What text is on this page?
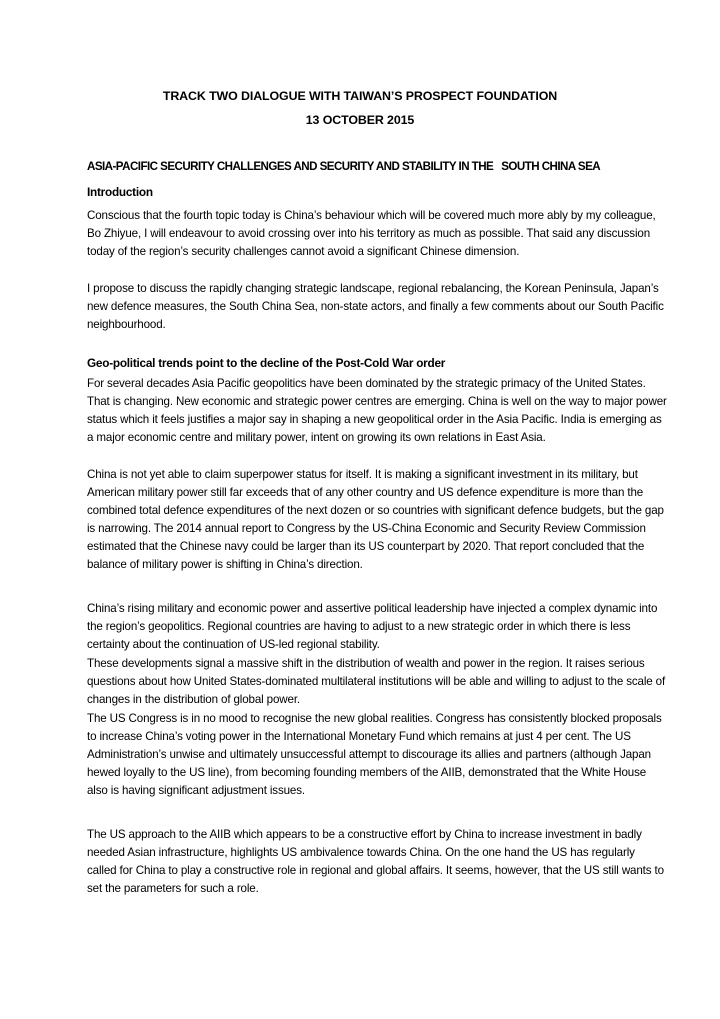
TRACK TWO DIALOGUE WITH TAIWAN’S PROSPECT FOUNDATION
13 OCTOBER 2015
ASIA-PACIFIC SECURITY CHALLENGES AND SECURITY AND STABILITY IN THE   SOUTH CHINA SEA
Introduction

Conscious that the fourth topic today is China’s behaviour which will be covered much more ably by my colleague, Bo Zhiyue, I will endeavour to avoid crossing over into his territory as much as possible. That said any discussion today of the region’s security challenges cannot avoid a significant Chinese dimension.

I propose to discuss the rapidly changing strategic landscape, regional rebalancing, the Korean Peninsula, Japan’s new defence measures, the South China Sea, non-state actors, and finally a few comments about our South Pacific neighbourhood.

Geo-political trends point to the decline of the Post-Cold War order

For several decades Asia Pacific geopolitics have been dominated by the strategic primacy of the United States. That is changing. New economic and strategic power centres are emerging. China is well on the way to major power status which it feels justifies a major say in shaping a new geopolitical order in the Asia Pacific. India is emerging as a major economic centre and military power, intent on growing its own relations in East Asia.

China is not yet able to claim superpower status for itself. It is making a significant investment in its military, but American military power still far exceeds that of any other country and US defence expenditure is more than the combined total defence expenditures of the next dozen or so countries with significant defence budgets, but the gap is narrowing. The 2014 annual report to Congress by the US-China Economic and Security Review Commission estimated that the Chinese navy could be larger than its US counterpart by 2020. That report concluded that the balance of military power is shifting in China’s direction.

China’s rising military and economic power and assertive political leadership have injected a complex dynamic into the region’s geopolitics. Regional countries are having to adjust to a new strategic order in which there is less certainty about the continuation of US-led regional stability.

These developments signal a massive shift in the distribution of wealth and power in the region. It raises serious questions about how United States-dominated multilateral institutions will be able and willing to adjust to the scale of changes in the distribution of global power.

The US Congress is in no mood to recognise the new global realities. Congress has consistently blocked proposals to increase China’s voting power in the International Monetary Fund which remains at just 4 per cent. The US Administration’s unwise and ultimately unsuccessful attempt to discourage its allies and partners (although Japan hewed loyally to the US line), from becoming founding members of the AIIB, demonstrated that the White House also is having significant adjustment issues.

The US approach to the AIIB which appears to be a constructive effort by China to increase investment in badly needed Asian infrastructure, highlights US ambivalence towards China. On the one hand the US has regularly called for China to play a constructive role in regional and global affairs. It seems, however, that the US still wants to set the parameters for such a role.
